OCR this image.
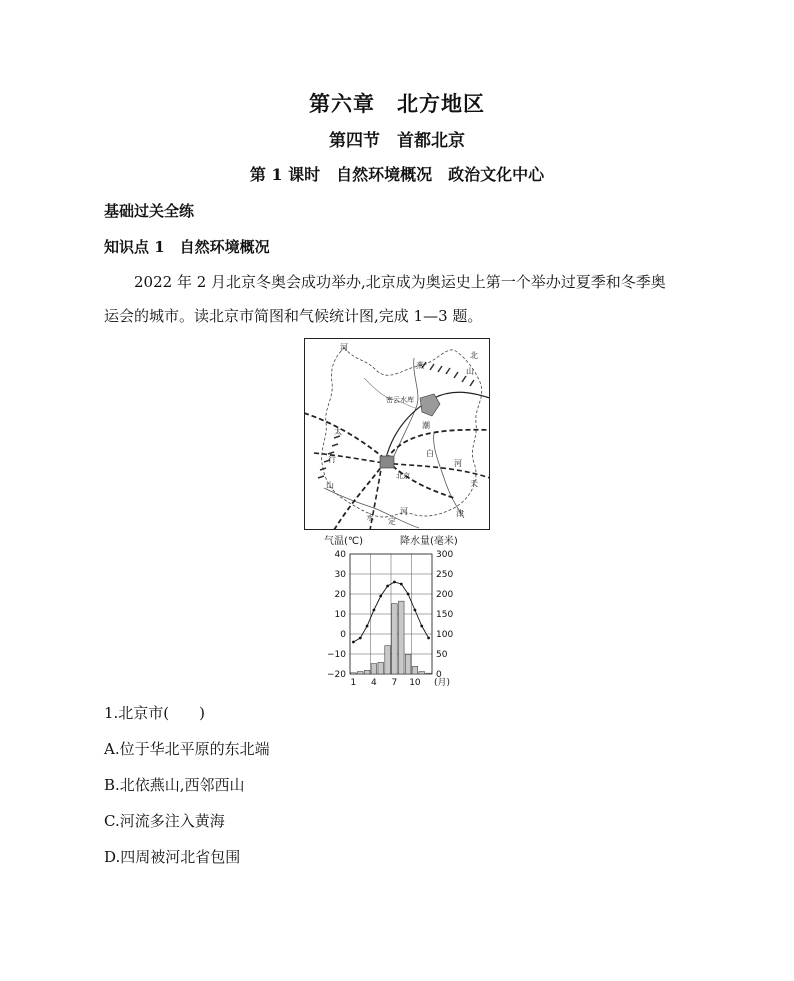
第六章　北方地区
第四节　首都北京
第 1 课时　自然环境概况　政治文化中心
基础过关全练
知识点 1　自然环境概况
2022 年 2 月北京冬奥会成功举办,北京成为奥运史上第一个举办过夏季和冬季奥
运会的城市。读北京市简图和气候统计图,完成 1—3 题。
河
北
燕
山
密云水库
潮
太
行
山
北京
白
河
天
津
永 定
河
气温(℃)	降水量(毫米)
40
30
20
10
0
−10
−20
300
250
200
150
100
50
0
1 4 7 10 (月)
1.北京市(　　)
A.位于华北平原的东北端
B.北依燕山,西邻西山
C.河流多注入黄海
D.四周被河北省包围
